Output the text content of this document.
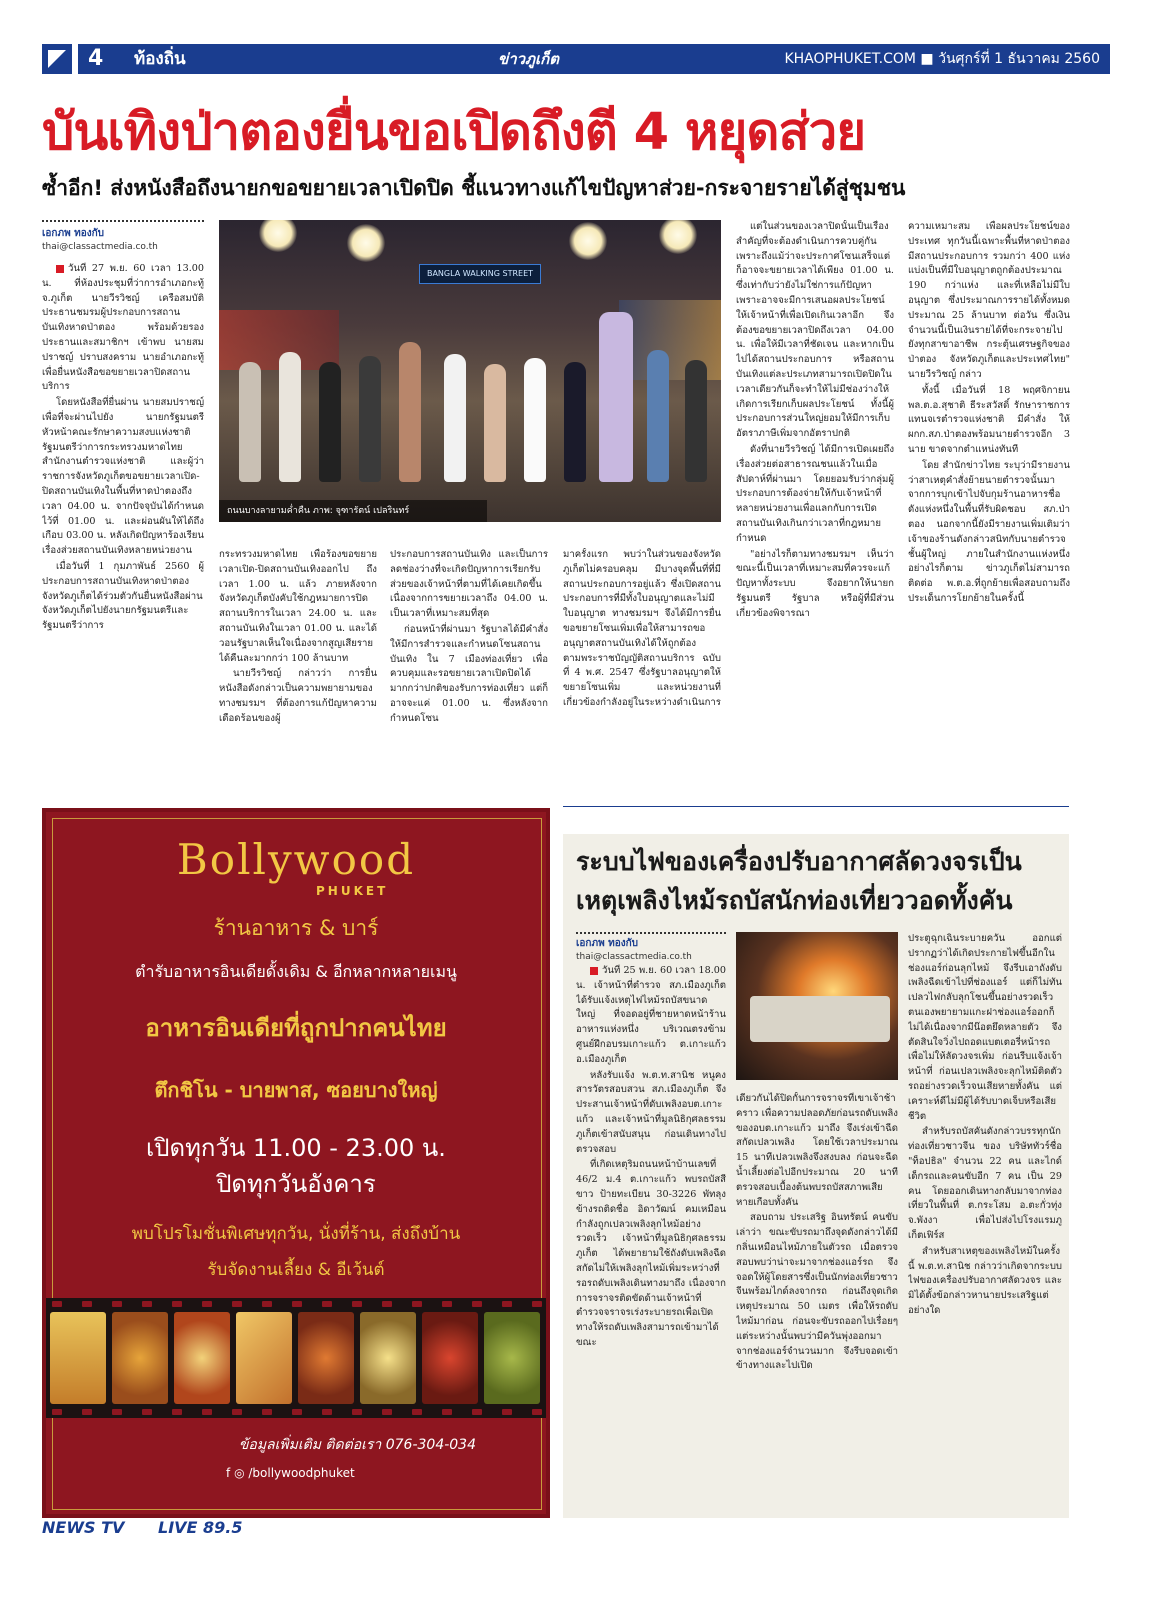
4 ท้องถิ่น	ข่าวภูเก็ต	KHAOPHUKET.COM ■ วันศุกร์ที่ 1 ธันวาคม 2560
บันเทิงป่าตองยื่นขอเปิดถึงตี 4 หยุดส่วย
ซ้ำอีก! ส่งหนังสือถึงนายกขอขยายเวลาเปิดปิด ชี้แนวทางแก้ไขปัญหาส่วย-กระจายรายได้สู่ชุมชน
เอกภพ ทองกับ
thai@classactmedia.co.th

วันที่ 27 พ.ย. 60 เวลา 13.00 น. ที่ห้องประชุมที่ว่าการอำเภอกะทู้ จ.ภูเก็ต นายวีรวิชญ์ เครือสมบัติ ประธานชมรมผู้ประกอบการสถานบันเทิงหาดป่าตอง พร้อมด้วยรองประธานและสมาชิกฯ เข้าพบ นายสมปราชญ์ ปราบสงคราม นายอำเภอกะทู้ เพื่อยื่นหนังสือขอขยายเวลาปิดสถานบริการ

โดยหนังสือที่ยื่นผ่าน นายสมปราชญ์ เพื่อที่จะผ่านไปยัง นายกรัฐมนตรี หัวหน้าคณะรักษาความสงบแห่งชาติ รัฐมนตรีว่าการกระทรวงมหาดไทย สำนักงานตำรวจแห่งชาติ และผู้ว่าราชการจังหวัดภูเก็ตขอขยายเวลาเปิด-ปิดสถานบันเทิงในพื้นที่หาดป่าตองถึงเวลา 04.00 น. จากปัจจุบันได้กำหนดไว้ที่ 01.00 น. และผ่อนผันให้ได้ถึงเกือบ 03.00 น. หลังเกิดปัญหาร้องเรียนเรื่องส่วยสถานบันเทิงหลายหน่วยงาน

เมื่อวันที่ 1 กุมภาพันธ์ 2560 ผู้ประกอบการสถานบันเทิงหาดป่าตอง จังหวัดภูเก็ตได้ร่วมตัวกันยื่นหนังสือผ่านจังหวัดภูเก็ตไปยังนายกรัฐมนตรีและรัฐมนตรีว่าการ

BANGLA WALKING STREET
ถนนบางลายามค่ำคืน ภาพ: จุฑารัตน์ เปลรินทร์

กระทรวงมหาดไทย เพื่อร้องขอขยายเวลาเปิด-ปิดสถานบันเทิงออกไป ถึงเวลา 1.00 น. แล้ว ภายหลังจาก จังหวัดภูเก็ตบังคับใช้กฎหมายการปิดสถานบริการในเวลา 24.00 น. และสถานบันเทิงในเวลา 01.00 น. และได้วอนรัฐบาลเห็นใจเนื่องจากสูญเสียรายได้คืนละมากกว่า 100 ล้านบาท

นายวีรวิชญ์ กล่าวว่า การยื่นหนังสือดังกล่าวเป็นความพยายามของทางชมรมฯ ที่ต้องการแก้ปัญหาความเดือดร้อนของผู้

ประกอบการสถานบันเทิง และเป็นการลดช่องว่างที่จะเกิดปัญหาการเรียกรับส่วยของเจ้าหน้าที่ตามที่ได้เคยเกิดขึ้น เนื่องจากการขยายเวลาถึง 04.00 น. เป็นเวลาที่เหมาะสมที่สุด

ก่อนหน้าที่ผ่านมา รัฐบาลได้มีคำสั่งให้มีการสำรวจและกำหนดโซนสถานบันเทิง ใน 7 เมืองท่องเที่ยว เพื่อควบคุมและรอขยายเวลาเปิดปิดได้มากกว่าปกติของรับการท่องเที่ยว แต่ก็อาจจะแค่ 01.00 น. ซึ่งหลังจากกำหนดโซน

มาครั้งแรก พบว่าในส่วนของจังหวัดภูเก็ตไม่ครอบคลุม มีบางจุดพื้นที่ที่มีสถานประกอบการอยู่แล้ว ซึ่งเปิดสถานประกอบการที่มีทั้งใบอนุญาตและไม่มีใบอนุญาต ทางชมรมฯ จึงได้มีการยื่นขอขยายโซนเพิ่มเพื่อให้สามารถขออนุญาตสถานบันเทิงได้ให้ถูกต้อง ตามพระราชบัญญัติสถานบริการ ฉบับที่ 4 พ.ศ. 2547 ซึ่งรัฐบาลอนุญาตให้ขยายโซนเพิ่ม และหน่วยงานที่เกี่ยวข้องกำลังอยู่ในระหว่างดำเนินการ

แต่ในส่วนของเวลาปิดนั้นเป็นเรื่องสำคัญที่จะต้องดำเนินการควบคู่กันเพราะถึงแม้ว่าจะประกาศโซนเสร็จแต่ก็อาจจะขยายเวลาได้เพียง 01.00 น. ซึ่งเท่ากับว่ายังไม่ใช่การแก้ปัญหา เพราะอาจจะมีการเสนอผลประโยชน์ให้เจ้าหน้าที่เพื่อเปิดเกินเวลาอีก จึงต้องขอขยายเวลาปิดถึงเวลา 04.00 น. เพื่อให้มีเวลาที่ชัดเจน และหากเป็นไปได้สถานประกอบการ หรือสถานบันเทิงแต่ละประเภทสามารถเปิดปิดในเวลาเดียวกันก็จะทำให้ไม่มีช่องว่างให้เกิดการเรียกเก็บผลประโยชน์ ทั้งนี้ผู้ประกอบการส่วนใหญ่ยอมให้มีการเก็บอัตราภาษีเพิ่มจากอัตราปกติ

ดังที่นายวีรวิชญ์ ได้มีการเปิดเผยถึงเรื่องส่วยต่อสาธารณชนแล้วในเมื่อสัปดาห์ที่ผ่านมา โดยยอมรับว่ากลุ่มผู้ประกอบการต้องจ่ายให้กับเจ้าหน้าที่หลายหน่วยงานเพื่อแลกกับการเปิดสถานบันเทิงเกินกว่าเวลาที่กฎหมายกำหนด

"อย่างไรก็ตามทางชมรมฯ เห็นว่าขณะนี้เป็นเวลาที่เหมาะสมที่ควรจะแก้ปัญหาทั้งระบบ จึงอยากให้นายกรัฐมนตรี รัฐบาล หรือผู้ที่มีส่วนเกี่ยวข้องพิจารณา

ความเหมาะสม เพื่อผลประโยชน์ของประเทศ ทุกวันนี้เฉพาะพื้นที่หาดป่าตองมีสถานประกอบการ รวมกว่า 400 แห่ง แบ่งเป็นที่มีใบอนุญาตถูกต้องประมาณ 190 กว่าแห่ง และที่เหลือไม่มีใบอนุญาต ซึ่งประมาณการรายได้ทั้งหมดประมาณ 25 ล้านบาท ต่อวัน ซึ่งเงินจำนวนนี้เป็นเงินรายได้ที่จะกระจายไปยังทุกสาขาอาชีพ กระตุ้นเศรษฐกิจของป่าตอง จังหวัดภูเก็ตและประเทศไทย" นายวีรวิชญ์ กล่าว

ทั้งนี้ เมื่อวันที่ 18 พฤศจิกายน พล.ต.อ.สุชาติ ธีระสวัสดิ์ รักษาราชการแทนจเรตำรวจแห่งชาติ มีคำสั่ง ให้ ผกก.สภ.ป่าตองพร้อมนายตำรวจอีก 3 นาย ขาดจากตำแหน่งทันที

โดย สำนักข่าวไทย ระบุว่ามีรายงานว่าสาเหตุคำสั่งย้ายนายตำรวจนั้นมาจากการบุกเข้าไปจับกุมร้านอาหารชื่อดังแห่งหนึ่งในพื้นที่รับผิดชอบ สภ.ป่าตอง นอกจากนี้ยังมีรายงานเพิ่มเติมว่าเจ้าของร้านดังกล่าวสนิทกับนายตำรวจชั้นผู้ใหญ่ ภายในสำนักงานแห่งหนึ่ง อย่างไรก็ตาม ข่าวภูเก็ตไม่สามารถติดต่อ พ.ต.อ.ที่ถูกย้ายเพื่อสอบถามถึงประเด็นการโยกย้ายในครั้งนี้

Bollywood
PHUKET
ร้านอาหาร & บาร์
ตำรับอาหารอินเดียดั้งเดิม & อีกหลากหลายเมนู
อาหารอินเดียที่ถูกปากคนไทย
ตึกชิโน - บายพาส, ซอยบางใหญ่
เปิดทุกวัน 11.00 - 23.00 น.
ปิดทุกวันอังคาร
พบโปรโมชั่นพิเศษทุกวัน, นั่งที่ร้าน, ส่งถึงบ้าน
รับจัดงานเลี้ยง & อีเว้นต์
ข้อมูลเพิ่มเติม ติดต่อเรา 076-304-034
f ◎ /bollywoodphuket
ระบบไฟของเครื่องปรับอากาศลัดวงจรเป็น
เหตุเพลิงไหม้รถบัสนักท่องเที่ยววอดทั้งคัน
เอกภพ ทองกับ
thai@classactmedia.co.th

วันที่ 25 พ.ย. 60 เวลา 18.00 น. เจ้าหน้าที่ตำรวจ สภ.เมืองภูเก็ต ได้รับแจ้งเหตุไฟไหม้รถบัสขนาดใหญ่ ที่จอดอยู่ที่ชายหาดหน้าร้านอาหารแห่งหนึ่ง บริเวณตรงข้าม ศูนย์ฝึกอบรมเกาะแก้ว ต.เกาะแก้ว อ.เมืองภูเก็ต

หลังรับแจ้ง พ.ต.ท.สานิช หนูคง สารวัตรสอบสวน สภ.เมืองภูเก็ต จึงประสานเจ้าหน้าที่ดับเพลิงอบต.เกาะแก้ว และเจ้าหน้าที่มูลนิธิกุศลธรรมภูเก็ตเข้าสนับสนุน ก่อนเดินทางไปตรวจสอบ

ที่เกิดเหตุริมถนนหน้าบ้านเลขที่ 46/2 ม.4 ต.เกาะแก้ว พบรถบัสสีขาว ป้ายทะเบียน 30-3226 พัทลุง ข้างรถติดชื่อ อิดาวัฒน์ คมเหมือน กำลังถูกเปลวเพลิงลุกไหม้อย่างรวดเร็ว เจ้าหน้าที่มูลนิธิกุศลธรรมภูเก็ต ได้พยายามใช้ถังดับเพลิงฉีดสกัดไม่ให้เพลิงลุกไหม้เพิ่มระหว่างที่รอรถดับเพลิงเดินทางมาถึง เนื่องจากการจราจรติดขัดด้านเจ้าหน้าที่ตำรวจจราจรเร่งระบายรถเพื่อเปิดทางให้รถดับเพลิงสามารถเข้ามาได้ขณะ

เดียวกันได้ปิดกั้นการจราจรที่เขาเจ้าช้าคราว เพื่อความปลอดภัยก่อนรถดับเพลิงของอบต.เกาะแก้ว มาถึง จึงเร่งเข้าฉีดสกัดเปลวเพลิง โดยใช้เวลาประมาณ 15 นาทีเปลวเพลิงจึงสงบลง ก่อนจะฉีดน้ำเลี้ยงต่อไปอีกประมาณ 20 นาที ตรวจสอบเบื้องต้นพบรถบัสสภาพเสียหายเกือบทั้งคัน

สอบถาม ประเสริฐ อินทรัตน์ คนขับ เล่าว่า ขณะขับรถมาถึงจุดดังกล่าวได้มีกลิ่นเหมือนไหม้ภายในตัวรถ เมื่อตรวจสอบพบว่าน่าจะมาจากช่องแอร์รถ จึงจอดให้ผู้โดยสารซึ่งเป็นนักท่องเที่ยวชาวจีนพร้อมไกด์ลงจากรถ ก่อนถึงจุดเกิดเหตุประมาณ 50 เมตร เพื่อให้รถดับไหม้มาก่อน ก่อนจะขับรถออกไปเรื่อยๆ แต่ระหว่างนั้นพบว่ามีควันพุ่งออกมาจากช่องแอร์จำนวนมาก จึงรีบจอดเข้าข้างทางและไปเปิด

ประตูฉุกเฉินระบายควัน ออกแต่ปรากฏว่าได้เกิดประกายไฟขึ้นอีกในช่องแอร์ก่อนลุกไหม้ จึงรีบเอาถังดับเพลิงฉีดเข้าไปที่ช่องแอร์ แต่ก็ไม่ทัน เปลวไฟกลับลุกโชนขึ้นอย่างรวดเร็วตนเองพยายามแกะฝาช่องแอร์ออกก็ไม่ได้เนื่องจากมีน๊อตยึดหลายตัว จึงตัดสินใจวิ่งไปถอดแบตเตอรี่หน้ารถเพื่อไม่ให้ลัดวงจรเพิ่ม ก่อนรีบแจ้งเจ้าหน้าที่ ก่อนเปลวเพลิงจะลุกไหม้ติดตัวรถอย่างรวดเร็วจนเสียหายทั้งคัน แต่เคราะห์ดีไม่มีผู้ได้รับบาดเจ็บหรือเสียชีวิต

สำหรับรถบัสคันดังกล่าวบรรทุกนักท่องเที่ยวชาวจีน ของ บริษัททัวร์ชื่อ "ท็อปธิล" จำนวน 22 คน และไกด์ เด็กรถและคนขับอีก 7 คน เป็น 29 คน โดยออกเดินทางกลับมาจากท่องเที่ยวในพื้นที่ ต.กระโสม อ.ตะกั่วทุ่ง จ.พังงา เพื่อไปส่งไปโรงแรมภูเก็ตเฟิร์ส

สำหรับสาเหตุของเพลิงไหม้ในครั้งนี้ พ.ต.ท.สานิช กล่าวว่าเกิดจากระบบไฟของเครื่องปรับอากาศลัดวงจร และมิได้ตั้งข้อกล่าวหานายประเสริฐแต่อย่างใด

NEWS TV LIVE 89.5
